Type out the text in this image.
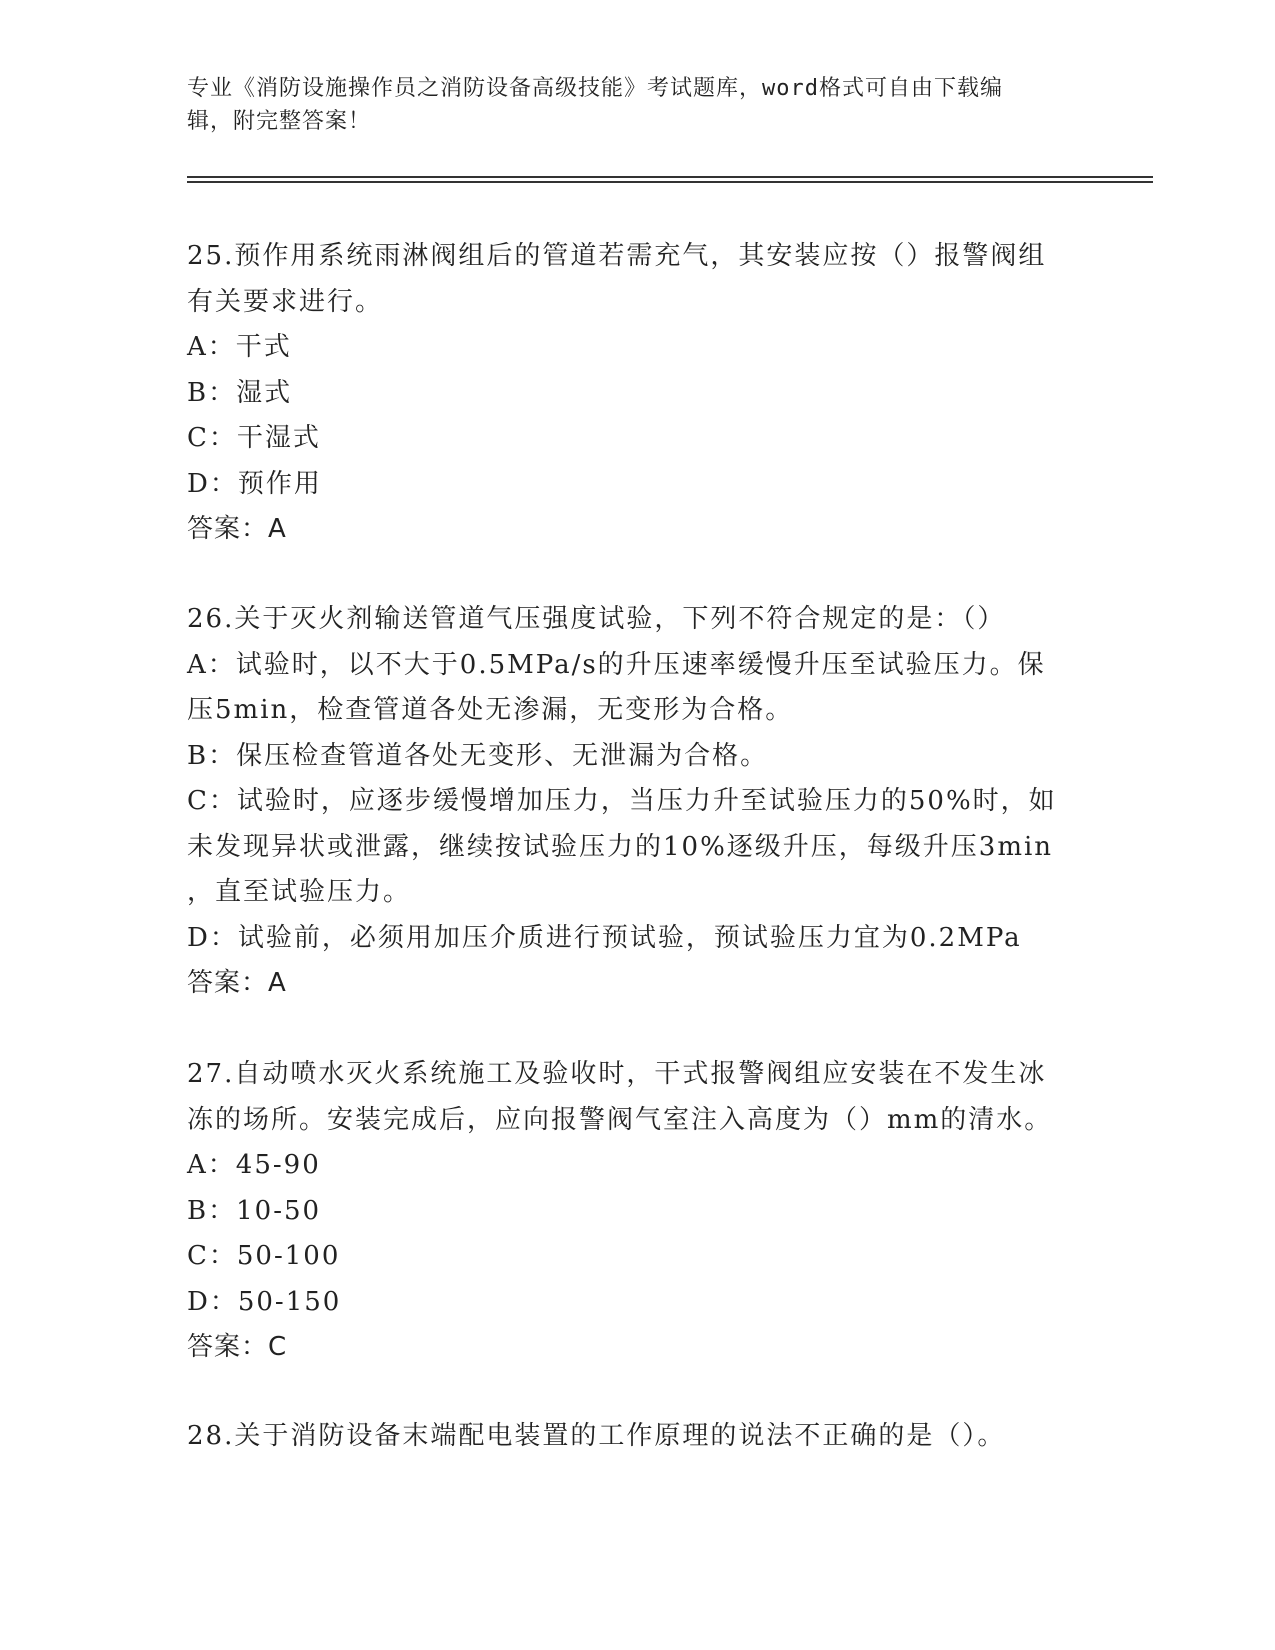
专业《消防设施操作员之消防设备高级技能》考试题库，word格式可自由下载编
辑，附完整答案！
25.预作用系统雨淋阀组后的管道若需充气，其安装应按（）报警阀组
有关要求进行。
A：干式
B：湿式
C：干湿式
D：预作用
答案：A
26.关于灭火剂输送管道气压强度试验，下列不符合规定的是：（）
A：试验时，以不大于0.5MPa/s的升压速率缓慢升压至试验压力。保
压5min，检查管道各处无渗漏，无变形为合格。
B：保压检查管道各处无变形、无泄漏为合格。
C：试验时，应逐步缓慢增加压力，当压力升至试验压力的50%时，如
未发现异状或泄露，继续按试验压力的10%逐级升压，每级升压3min
，直至试验压力。
D：试验前，必须用加压介质进行预试验，预试验压力宜为0.2MPa
答案：A
27.自动喷水灭火系统施工及验收时，干式报警阀组应安装在不发生冰
冻的场所。安装完成后，应向报警阀气室注入高度为（）mm的清水。
A：45-90
B：10-50
C：50-100
D：50-150
答案：C
28.关于消防设备末端配电装置的工作原理的说法不正确的是（）。
